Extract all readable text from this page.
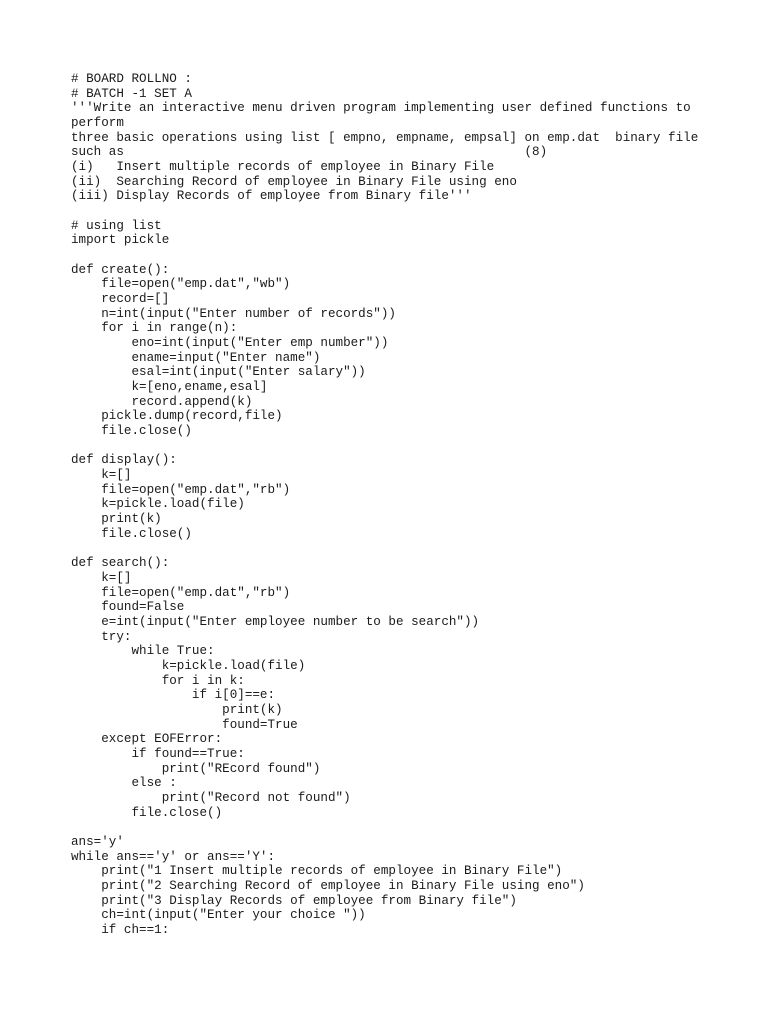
# BOARD ROLLNO :
# BATCH -1 SET A
'''Write an interactive menu driven program implementing user defined functions to
perform
three basic operations using list [ empno, empname, empsal] on emp.dat  binary file
such as                                                     (8)
(i)   Insert multiple records of employee in Binary File
(ii)  Searching Record of employee in Binary File using eno
(iii) Display Records of employee from Binary file'''
# using list
import pickle
def create():
file=open("emp.dat","wb")
record=[]
n=int(input("Enter number of records"))
for i in range(n):
eno=int(input("Enter emp number"))
ename=input("Enter name")
esal=int(input("Enter salary"))
k=[eno,ename,esal]
record.append(k)
pickle.dump(record,file)
file.close()
def display():
k=[]
file=open("emp.dat","rb")
k=pickle.load(file)
print(k)
file.close()
def search():
k=[]
file=open("emp.dat","rb")
found=False
e=int(input("Enter employee number to be search"))
try:
while True:
k=pickle.load(file)
for i in k:
if i[0]==e:
print(k)
found=True
except EOFError:
if found==True:
print("REcord found")
else :
print("Record not found")
file.close()
ans='y'
while ans=='y' or ans=='Y':
print("1 Insert multiple records of employee in Binary File")
print("2 Searching Record of employee in Binary File using eno")
print("3 Display Records of employee from Binary file")
ch=int(input("Enter your choice "))
if ch==1:
